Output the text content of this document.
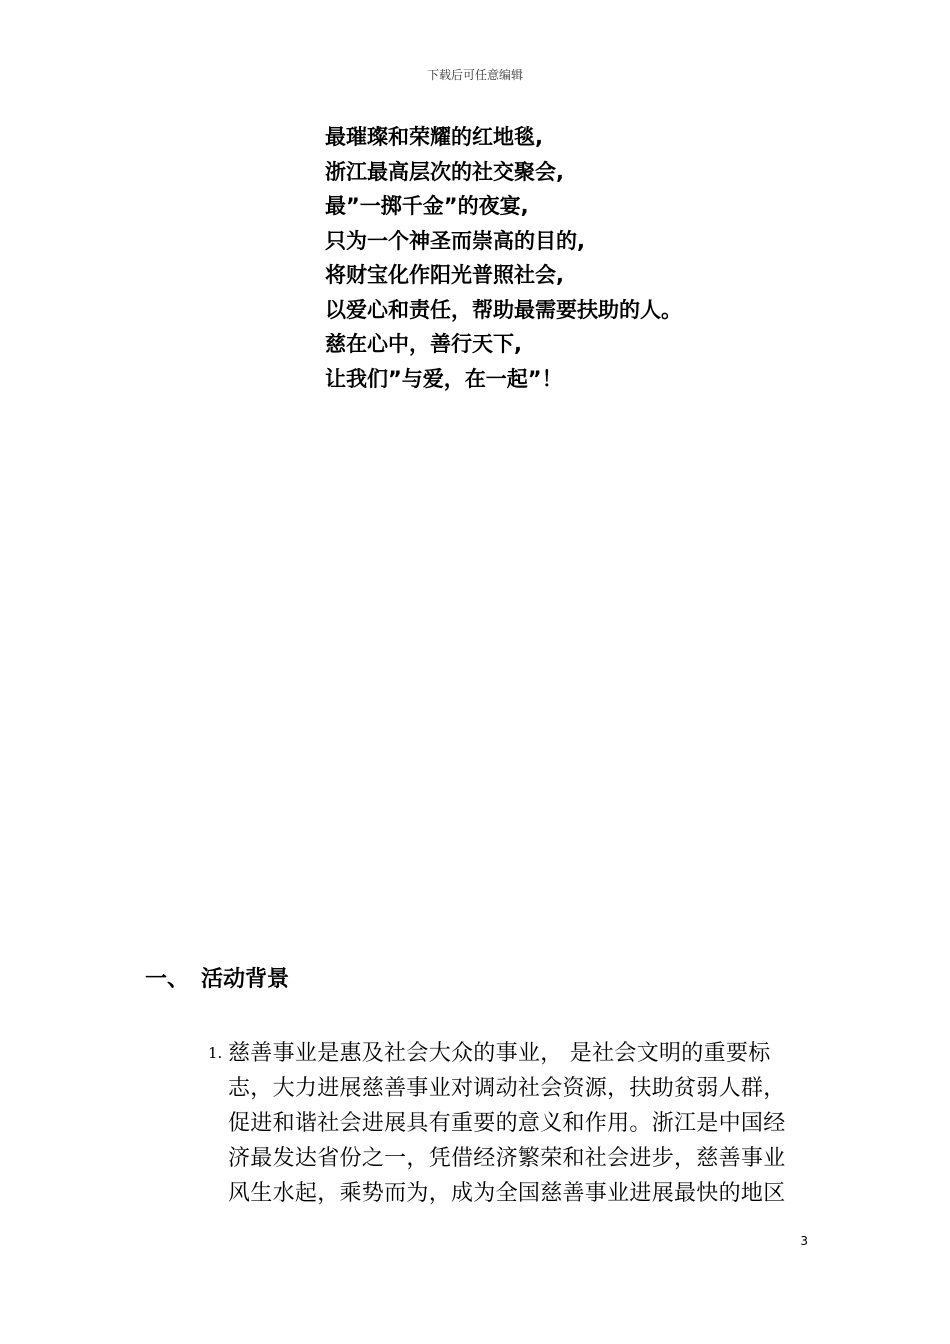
下载后可任意编辑
最璀璨和荣耀的红地毯,
浙江最高层次的社交聚会,
最”一掷千金”的夜宴,
只为一个神圣而崇高的目的,
将财宝化作阳光普照社会,
以爱心和责任，帮助最需要扶助的人。
慈在心中，善行天下,
让我们”与爱，在一起”！
一、 活动背景
1. 慈善事业是惠及社会大众的事业， 是社会文明的重要标
志，大力进展慈善事业对调动社会资源，扶助贫弱人群，
促进和谐社会进展具有重要的意义和作用。浙江是中国经
济最发达省份之一，凭借经济繁荣和社会进步，慈善事业
风生水起，乘势而为，成为全国慈善事业进展最快的地区
3
